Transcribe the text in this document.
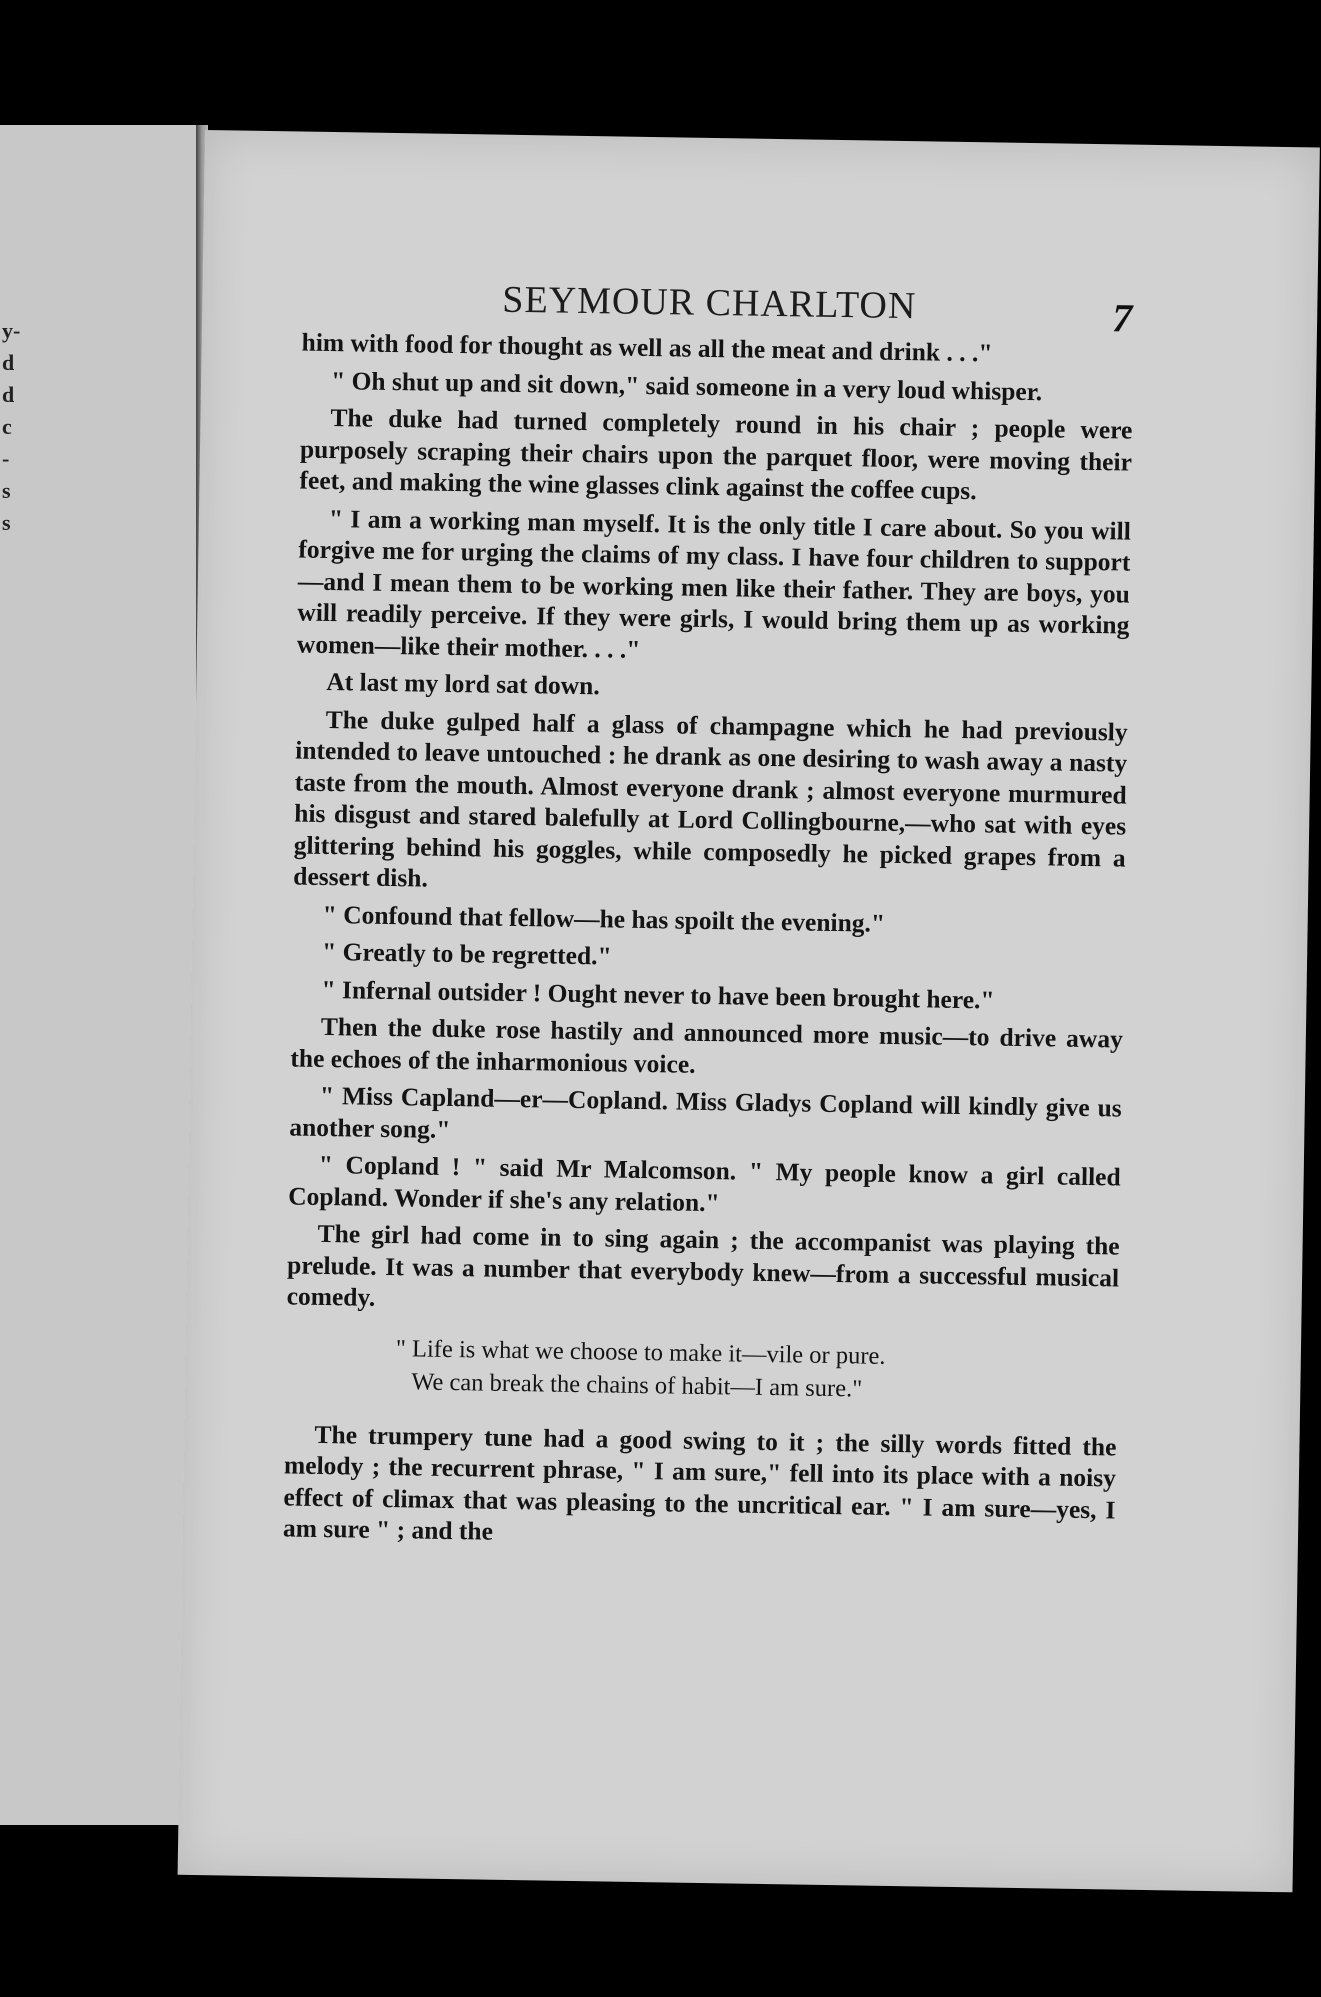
y-
d
d
c
-
s
s
SEYMOUR CHARLTON	7

him with food for thought as well as all the meat and drink . . ."

" Oh shut up and sit down," said someone in a very loud whisper.

The duke had turned completely round in his chair ; people were purposely scraping their chairs upon the parquet floor, were moving their feet, and making the wine glasses clink against the coffee cups.

" I am a working man myself. It is the only title I care about. So you will forgive me for urging the claims of my class. I have four children to support—and I mean them to be working men like their father. They are boys, you will readily perceive. If they were girls, I would bring them up as working women—like their mother. . . ."

At last my lord sat down.

The duke gulped half a glass of champagne which he had previously intended to leave untouched : he drank as one desiring to wash away a nasty taste from the mouth. Almost everyone drank ; almost everyone murmured his disgust and stared balefully at Lord Collingbourne,—who sat with eyes glittering behind his goggles, while composedly he picked grapes from a dessert dish.

" Confound that fellow—he has spoilt the evening."

" Greatly to be regretted."

" Infernal outsider ! Ought never to have been brought here."

Then the duke rose hastily and announced more music—to drive away the echoes of the inharmonious voice.

" Miss Capland—er—Copland. Miss Gladys Copland will kindly give us another song."

" Copland ! " said Mr Malcomson. " My people know a girl called Copland. Wonder if she's any relation."

The girl had come in to sing again ; the accompanist was playing the prelude. It was a number that everybody knew—from a successful musical comedy.

" Life is what we choose to make it—vile or pure.
We can break the chains of habit—I am sure."

The trumpery tune had a good swing to it ; the silly words fitted the melody ; the recurrent phrase, " I am sure," fell into its place with a noisy effect of climax that was pleasing to the uncritical ear. " I am sure—yes, I am sure " ; and the
